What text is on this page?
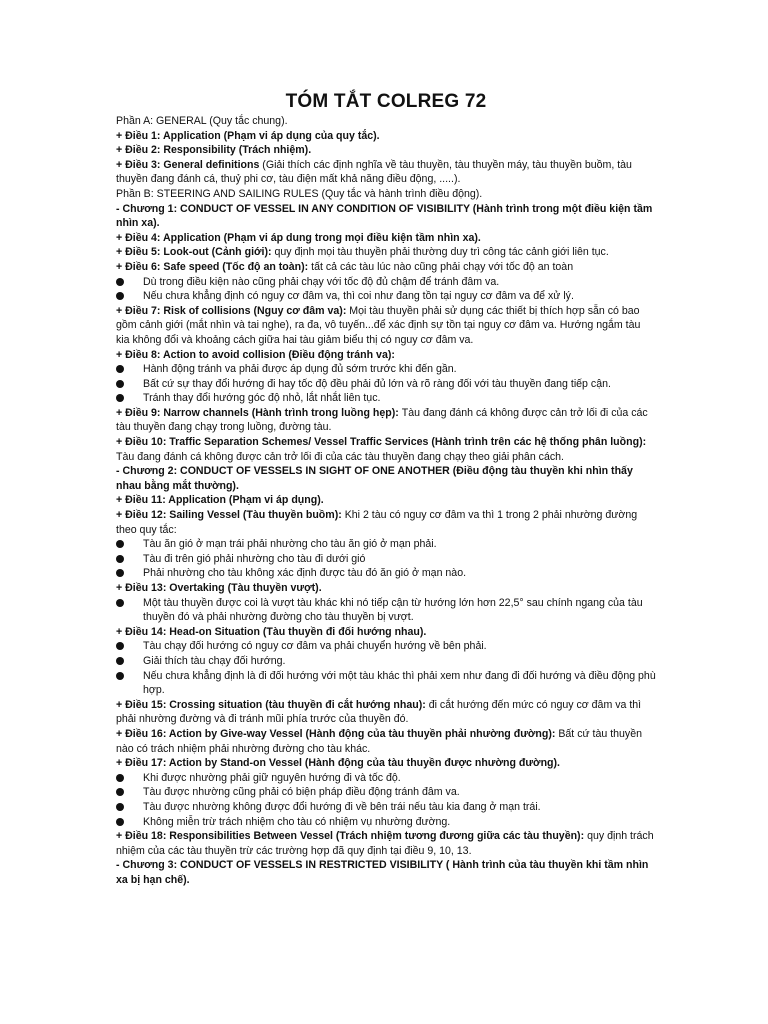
TÓM TẮT COLREG 72
Phần A: GENERAL (Quy tắc chung).
+ Điều 1: Application (Phạm vi áp dụng của quy tắc).
+ Điều 2: Responsibility (Trách nhiệm).
+ Điều 3: General definitions (Giải thích các định nghĩa về tàu thuyền, tàu thuyền máy, tàu thuyền buồm, tàu thuyền đang đánh cá, thuỷ phi cơ, tàu điện mất khả năng điều động, .....).
Phần B: STEERING AND SAILING RULES (Quy tắc và hành trình điều động).
- Chương 1: CONDUCT OF VESSEL IN ANY CONDITION OF VISIBILITY (Hành trình trong một điều kiện tầm nhìn xa).
+ Điều 4: Application (Phạm vi áp dung trong mọi điều kiện tầm nhìn xa).
+ Điều 5: Look-out (Cảnh giới): quy định mọi tàu thuyền phải thường duy trì công tác cảnh giới liên tục.
+ Điều 6: Safe speed (Tốc độ an toàn): tất cả các tàu lúc nào cũng phải chạy với tốc độ an toàn
Dù trong điều kiện nào cũng phải chạy với tốc độ đủ chậm để tránh đâm va.
Nếu chưa khẳng định có nguy cơ đâm va, thì coi như đang tồn tại nguy cơ đâm va để xử lý.
+ Điều 7: Risk of collisions (Nguy cơ đâm va): Mọi tàu thuyền phải sử dụng các thiết bị thích hợp sẵn có bao gồm cảnh giới (mắt nhìn và tai nghe), ra đa, vô tuyến...để xác định sự tồn tại nguy cơ đâm va. Hướng ngắm tàu kia không đổi và khoảng cách giữa hai tàu giảm biểu thị có nguy cơ đâm va.
+ Điều 8: Action to avoid collision (Điều động tránh va):
Hành động tránh va phải được áp dụng đủ sớm trước khi đến gần.
Bất cứ sự thay đổi hướng đi hay tốc độ đều phải đủ lớn và rõ ràng đối với tàu thuyền đang tiếp cận.
Tránh thay đổi hướng góc độ nhỏ, lắt nhắt liên tục.
+ Điều 9: Narrow channels (Hành trình trong luồng hẹp): Tàu đang đánh cá không được cản trở lối đi của các tàu thuyền đang chạy trong luồng, đường tàu.
+ Điều 10: Traffic Separation Schemes/ Vessel Traffic Services (Hành trình trên các hệ thống phân luồng): Tàu đang đánh cá không được cản trở lối đi của các tàu thuyền đang chạy theo giải phân cách.
- Chương 2: CONDUCT OF VESSELS IN SIGHT OF ONE ANOTHER (Điều động tàu thuyền khi nhìn thấy nhau bằng mắt thường).
+ Điều 11: Application (Phạm vi áp dụng).
+ Điều 12: Sailing Vessel (Tàu thuyền buồm): Khi 2 tàu có nguy cơ đâm va thì 1 trong 2 phải nhường đường theo quy tắc:
Tàu ăn gió ở mạn trái phải nhường cho tàu ăn gió ở mạn phải.
Tàu đi trên gió phải nhường cho tàu đi dưới gió
Phải nhường cho tàu không xác định được tàu đó ăn gió ở mạn nào.
+ Điều 13: Overtaking (Tàu thuyền vượt).
Một tàu thuyền được coi là vượt tàu khác khi nó tiếp cận từ hướng lớn hơn 22,5° sau chính ngang của tàu thuyền đó và phải nhường đường cho tàu thuyền bị vượt.
+ Điều 14: Head-on Situation (Tàu thuyền đi đối hướng nhau).
Tàu chạy đối hướng có nguy cơ đâm va phải chuyển hướng về bên phải.
Giải thích tàu chạy đối hướng.
Nếu chưa khẳng định là đi đối hướng với một tàu khác thì phải xem như đang đi đối hướng và điều động phù hợp.
+ Điều 15: Crossing situation (tàu thuyền đi cắt hướng nhau): đi cắt hướng đến mức có nguy cơ đâm va thì phải nhường đường và đi tránh mũi phía trước của thuyền đó.
+ Điều 16: Action by Give-way Vessel (Hành động của tàu thuyền phải nhường đường): Bất cứ tàu thuyền nào có trách nhiệm phải nhường đường cho tàu khác.
+ Điều 17: Action by Stand-on Vessel (Hành động của tàu thuyền được nhường đường).
Khi được nhường phải giữ nguyên hướng đi và tốc độ.
Tàu được nhường cũng phải có biện pháp điều động tránh đâm va.
Tàu được nhường không được đổi hướng đi về bên trái nếu tàu kia đang ở mạn trái.
Không miễn trừ trách nhiệm cho tàu có nhiệm vụ nhường đường.
+ Điều 18: Responsibilities Between Vessel (Trách nhiệm tương đương giữa các tàu thuyền): quy định trách nhiệm của các tàu thuyền trừ các trường hợp đã quy định tại điều 9, 10, 13.
- Chương 3: CONDUCT OF VESSELS IN RESTRICTED VISIBILITY ( Hành trình của tàu thuyền khi tầm nhìn xa bị hạn chế).
